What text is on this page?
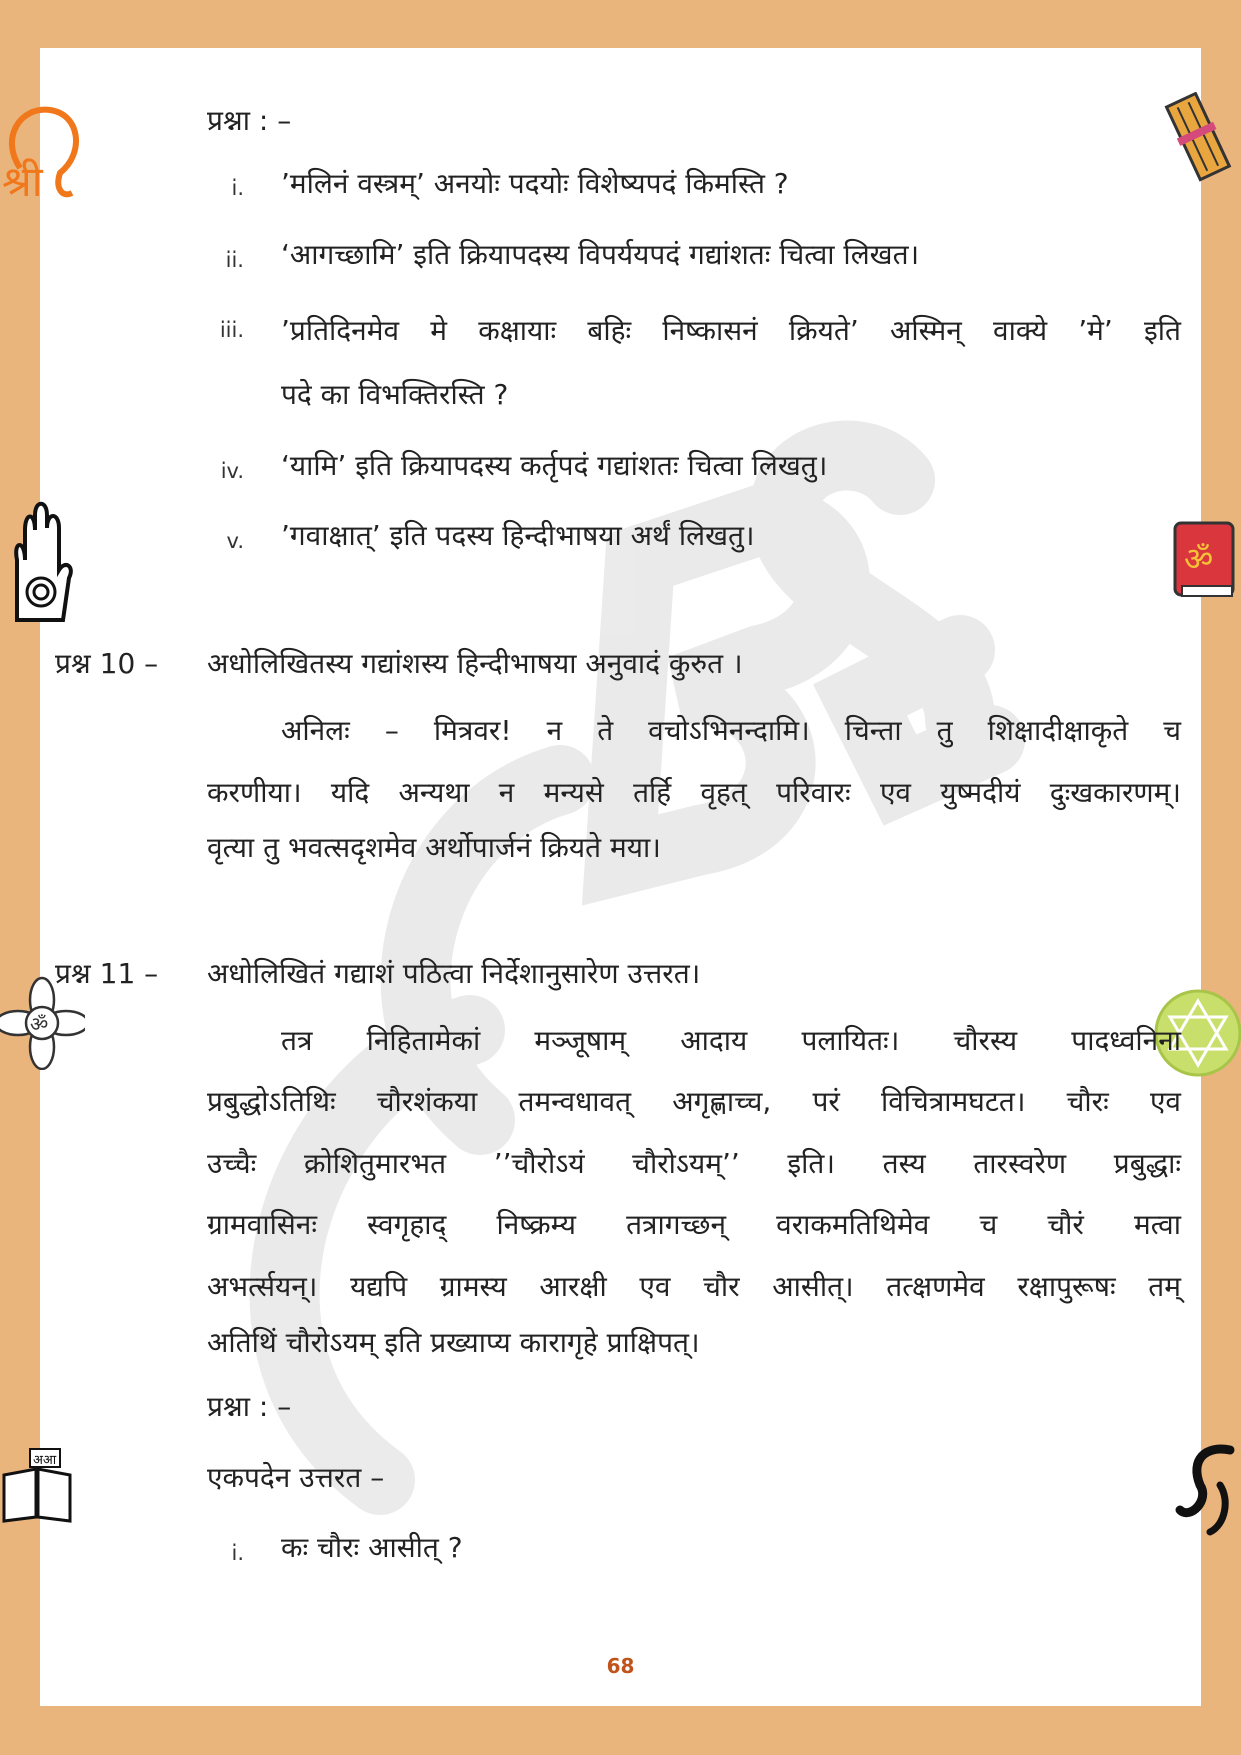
श्री
ॐ
ॐ
अआ
प्रश्ना : –
i. ’मलिनं वस्त्रम्’ अनयोः पदयोः विशेष्यपदं किमस्ति ?
ii. ‘आगच्छामि’ इति क्रियापदस्य विपर्ययपदं गद्यांशतः चित्वा लिखत।
iii. ’प्रतिदिनमेव मे कक्षायाः बहिः निष्कासनं क्रियते’ अस्मिन् वाक्ये ’मे’ इति
पदे का विभक्तिरस्ति ?
iv. ‘यामि’ इति क्रियापदस्य कर्तृपदं गद्यांशतः चित्वा लिखतु।
v. ’गवाक्षात्’ इति पदस्य हिन्दीभाषया अर्थं लिखतु।
प्रश्न 10 – अधोलिखितस्य गद्यांशस्य हिन्दीभाषया अनुवादं कुरुत ।
अनिलः – मित्रवर! न ते वचोऽभिनन्दामि। चिन्ता तु शिक्षादीक्षाकृते च
करणीया। यदि अन्यथा न मन्यसे तर्हि वृहत् परिवारः एव युष्मदीयं दुःखकारणम्।
वृत्या तु भवत्सदृशमेव अर्थोपार्जनं क्रियते मया।
प्रश्न 11 – अधोलिखितं गद्याशं पठित्वा निर्देशानुसारेण उत्तरत।
तत्र निहितामेकां मञ्जूषाम् आदाय पलायितः। चौरस्य पादध्वनिना
प्रबुद्धोऽतिथिः चौरशंकया तमन्वधावत् अगृह्णाच्च, परं विचित्रामघटत। चौरः एव
उच्चैः क्रोशितुमारभत ’’चौरोऽयं चौरोऽयम्’’ इति। तस्य तारस्वरेण प्रबुद्धाः
ग्रामवासिनः स्वगृहाद् निष्क्रम्य तत्रागच्छन् वराकमतिथिमेव च चौरं मत्वा
अभर्त्सयन्। यद्यपि ग्रामस्य आरक्षी एव चौर आसीत्। तत्क्षणमेव रक्षापुरूषः तम्
अतिथिं चौरोऽयम् इति प्रख्याप्य कारागृहे प्राक्षिपत्।
प्रश्ना : –
एकपदेन उत्तरत –
i. कः चौरः आसीत् ?
68
